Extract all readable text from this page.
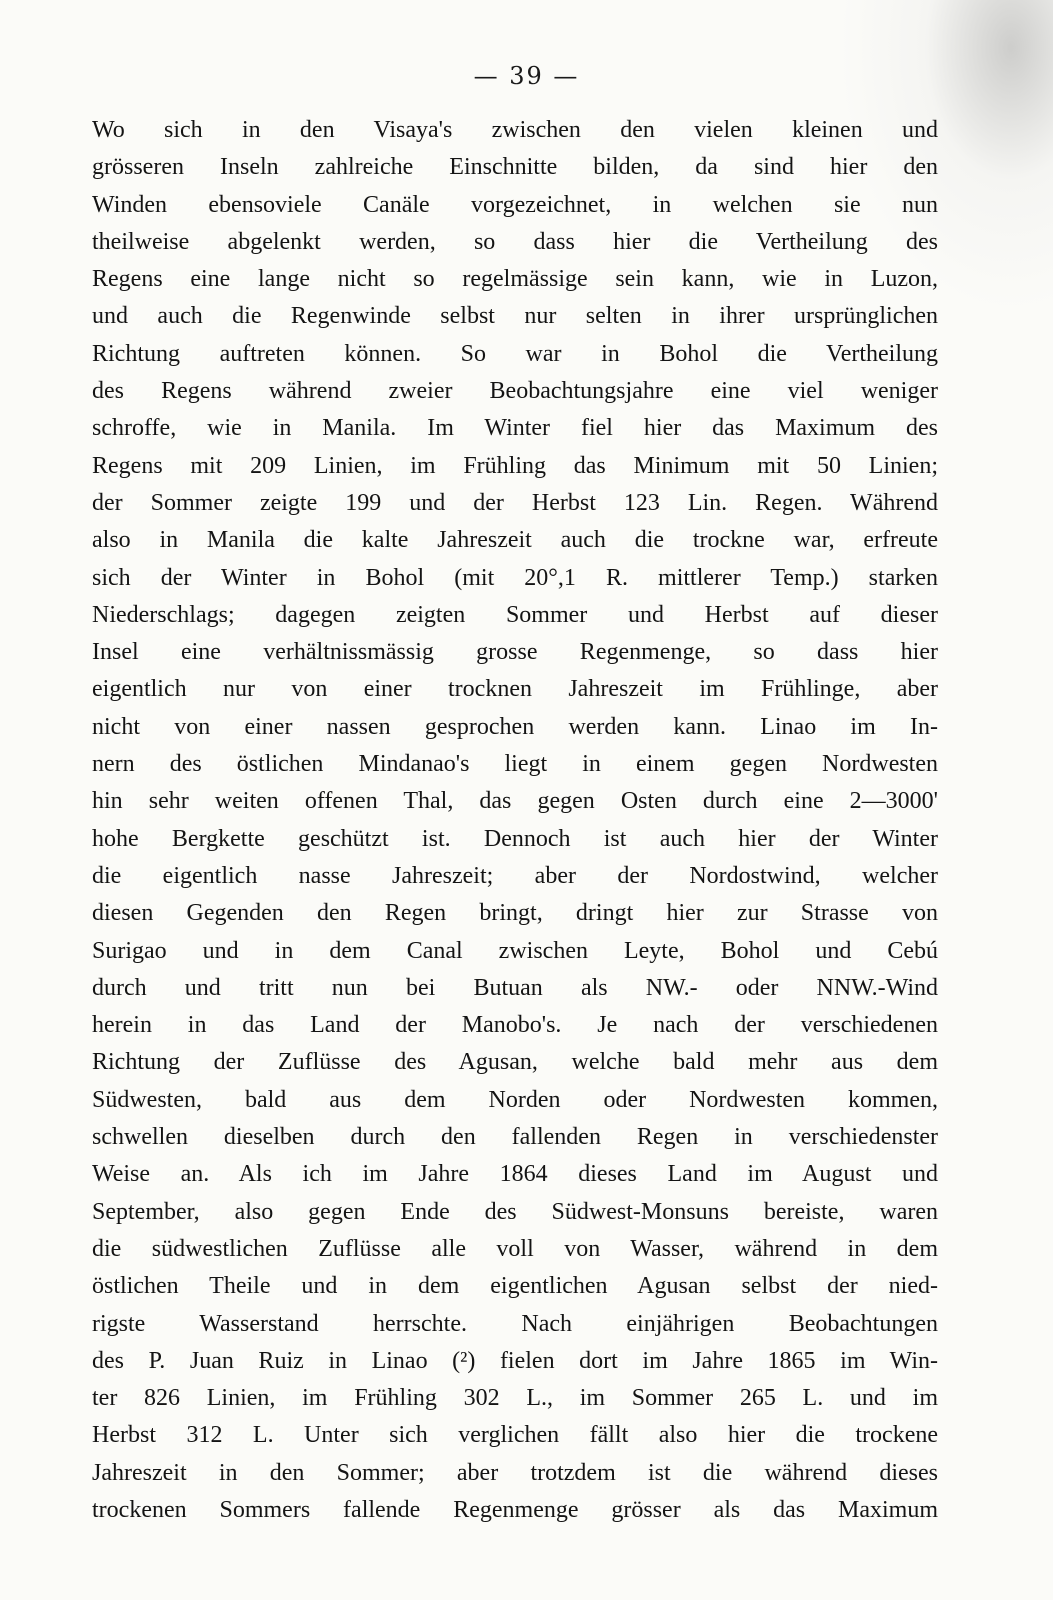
— 39 —
Wo sich in den Visaya's zwischen den vielen kleinen und
grösseren Inseln zahlreiche Einschnitte bilden, da sind hier den
Winden ebensoviele Canäle vorgezeichnet, in welchen sie nun
theilweise abgelenkt werden, so dass hier die Vertheilung des
Regens eine lange nicht so regelmässige sein kann, wie in Luzon,
und auch die Regenwinde selbst nur selten in ihrer ursprünglichen
Richtung auftreten können. So war in Bohol die Vertheilung
des Regens während zweier Beobachtungsjahre eine viel weniger
schroffe, wie in Manila. Im Winter fiel hier das Maximum des
Regens mit 209 Linien, im Frühling das Minimum mit 50 Linien;
der Sommer zeigte 199 und der Herbst 123 Lin. Regen. Während
also in Manila die kalte Jahreszeit auch die trockne war, erfreute
sich der Winter in Bohol (mit 20°,1 R. mittlerer Temp.) starken
Niederschlags; dagegen zeigten Sommer und Herbst auf dieser
Insel eine verhältnissmässig grosse Regenmenge, so dass hier
eigentlich nur von einer trocknen Jahreszeit im Frühlinge, aber
nicht von einer nassen gesprochen werden kann. Linao im In-
nern des östlichen Mindanao's liegt in einem gegen Nordwesten
hin sehr weiten offenen Thal, das gegen Osten durch eine 2—3000'
hohe Bergkette geschützt ist. Dennoch ist auch hier der Winter
die eigentlich nasse Jahreszeit; aber der Nordostwind, welcher
diesen Gegenden den Regen bringt, dringt hier zur Strasse von
Surigao und in dem Canal zwischen Leyte, Bohol und Cebú
durch und tritt nun bei Butuan als NW.- oder NNW.-Wind
herein in das Land der Manobo's. Je nach der verschiedenen
Richtung der Zuflüsse des Agusan, welche bald mehr aus dem
Südwesten, bald aus dem Norden oder Nordwesten kommen,
schwellen dieselben durch den fallenden Regen in verschiedenster
Weise an. Als ich im Jahre 1864 dieses Land im August und
September, also gegen Ende des Südwest-Monsuns bereiste, waren
die südwestlichen Zuflüsse alle voll von Wasser, während in dem
östlichen Theile und in dem eigentlichen Agusan selbst der nied-
rigste Wasserstand herrschte. Nach einjährigen Beobachtungen
des P. Juan Ruiz in Linao (²) fielen dort im Jahre 1865 im Win-
ter 826 Linien, im Frühling 302 L., im Sommer 265 L. und im
Herbst 312 L. Unter sich verglichen fällt also hier die trockene
Jahreszeit in den Sommer; aber trotzdem ist die während dieses
trockenen Sommers fallende Regenmenge grösser als das Maximum
